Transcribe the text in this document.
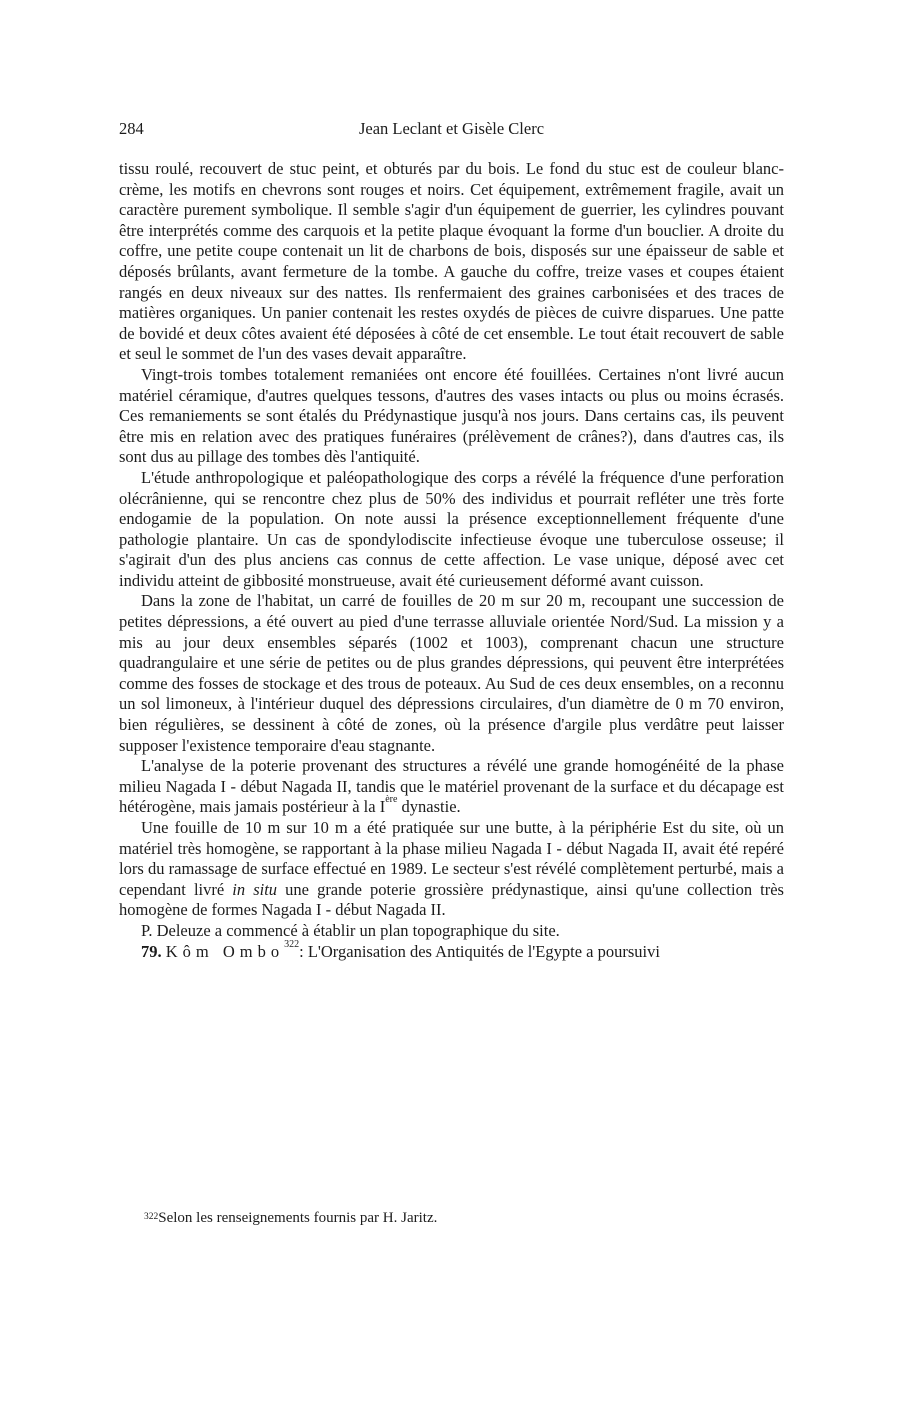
284	Jean Leclant et Gisèle Clerc

tissu roulé, recouvert de stuc peint, et obturés par du bois. Le fond du stuc est de couleur blanc-crème, les motifs en chevrons sont rouges et noirs. Cet équipement, extrêmement fragile, avait un caractère purement symbolique. Il semble s'agir d'un équipement de guerrier, les cylindres pouvant être interprétés comme des carquois et la petite plaque évoquant la forme d'un bouclier. A droite du coffre, une petite coupe contenait un lit de charbons de bois, disposés sur une épaisseur de sable et déposés brûlants, avant fermeture de la tombe. A gauche du coffre, treize vases et coupes étaient rangés en deux niveaux sur des nattes. Ils renfermaient des graines carbonisées et des traces de matières organiques. Un panier contenait les restes oxydés de pièces de cuivre disparues. Une patte de bovidé et deux côtes avaient été déposées à côté de cet ensemble. Le tout était recouvert de sable et seul le sommet de l'un des vases devait apparaître.

Vingt-trois tombes totalement remaniées ont encore été fouillées. Certaines n'ont livré aucun matériel céramique, d'autres quelques tessons, d'autres des vases intacts ou plus ou moins écrasés. Ces remaniements se sont étalés du Prédynastique jusqu'à nos jours. Dans certains cas, ils peuvent être mis en relation avec des pratiques funéraires (prélèvement de crânes?), dans d'autres cas, ils sont dus au pillage des tombes dès l'antiquité.

L'étude anthropologique et paléopathologique des corps a révélé la fréquence d'une perforation olécrânienne, qui se rencontre chez plus de 50% des individus et pourrait refléter une très forte endogamie de la population. On note aussi la présence exceptionnellement fréquente d'une pathologie plantaire. Un cas de spondylodiscite infectieuse évoque une tuberculose osseuse; il s'agirait d'un des plus anciens cas connus de cette affection. Le vase unique, déposé avec cet individu atteint de gibbosité monstrueuse, avait été curieusement déformé avant cuisson.

Dans la zone de l'habitat, un carré de fouilles de 20 m sur 20 m, recoupant une succession de petites dépressions, a été ouvert au pied d'une terrasse alluviale orientée Nord/Sud. La mission y a mis au jour deux ensembles séparés (1002 et 1003), comprenant chacun une structure quadrangulaire et une série de petites ou de plus grandes dépressions, qui peuvent être interprétées comme des fosses de stockage et des trous de poteaux. Au Sud de ces deux ensembles, on a reconnu un sol limoneux, à l'intérieur duquel des dépressions circulaires, d'un diamètre de 0 m 70 environ, bien régulières, se dessinent à côté de zones, où la présence d'argile plus verdâtre peut laisser supposer l'existence temporaire d'eau stagnante.

L'analyse de la poterie provenant des structures a révélé une grande homogénéité de la phase milieu Nagada I - début Nagada II, tandis que le matériel provenant de la surface et du décapage est hétérogène, mais jamais postérieur à la Ière dynastie.

Une fouille de 10 m sur 10 m a été pratiquée sur une butte, à la périphérie Est du site, où un matériel très homogène, se rapportant à la phase milieu Nagada I - début Nagada II, avait été repéré lors du ramassage de surface effectué en 1989. Le secteur s'est révélé complètement perturbé, mais a cependant livré in situ une grande poterie grossière prédynastique, ainsi qu'une collection très homogène de formes Nagada I - début Nagada II.

P. Deleuze a commencé à établir un plan topographique du site.

79. Kôm Ombo$^{322}$: L'Organisation des Antiquités de l'Egypte a poursuivi

$^{322}$Selon les renseignements fournis par H. Jaritz.
